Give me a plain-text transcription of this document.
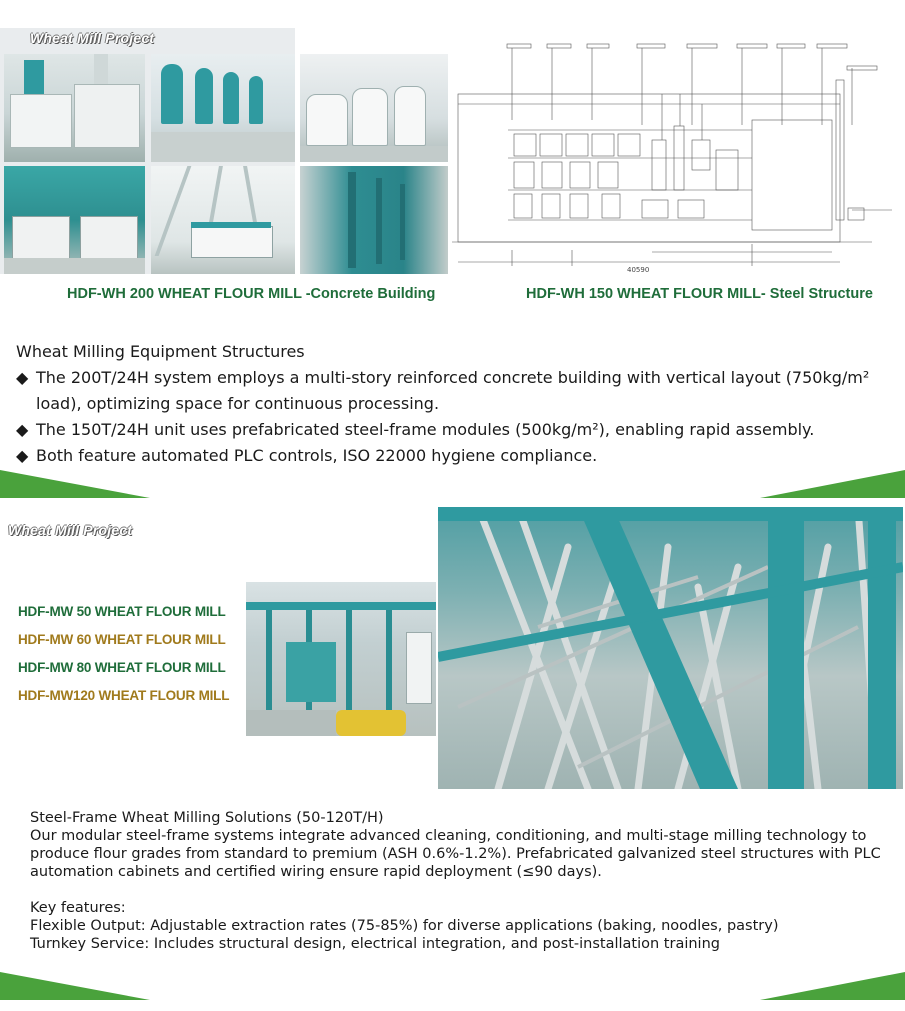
Wheat Mill Project
40590
HDF-WH 200 WHEAT FLOUR MILL -Concrete Building	HDF-WH 150 WHEAT FLOUR MILL- Steel Structure
Wheat Milling Equipment Structures
◆ The 200T/24H system employs a multi-story reinforced concrete building with vertical layout (750kg/m²
load), optimizing space for continuous processing.
◆ The 150T/24H unit uses prefabricated steel-frame modules (500kg/m²), enabling rapid assembly.
◆ Both feature automated PLC controls, ISO 22000 hygiene compliance.
Wheat Mill Project
HDF-MW 50 WHEAT FLOUR MILL
HDF-MW 60 WHEAT FLOUR MILL
HDF-MW 80 WHEAT FLOUR MILL
HDF-MW120 WHEAT FLOUR MILL
Steel-Frame Wheat Milling Solutions (50-120T/H)
Our modular steel-frame systems integrate advanced cleaning, conditioning, and multi-stage milling technology to
produce flour grades from standard to premium (ASH 0.6%-1.2%). Prefabricated galvanized steel structures with PLC
automation cabinets and certified wiring ensure rapid deployment (≤90 days).
Key features:
Flexible Output: Adjustable extraction rates (75-85%) for diverse applications (baking, noodles, pastry)
Turnkey Service: Includes structural design, electrical integration, and post-installation training
